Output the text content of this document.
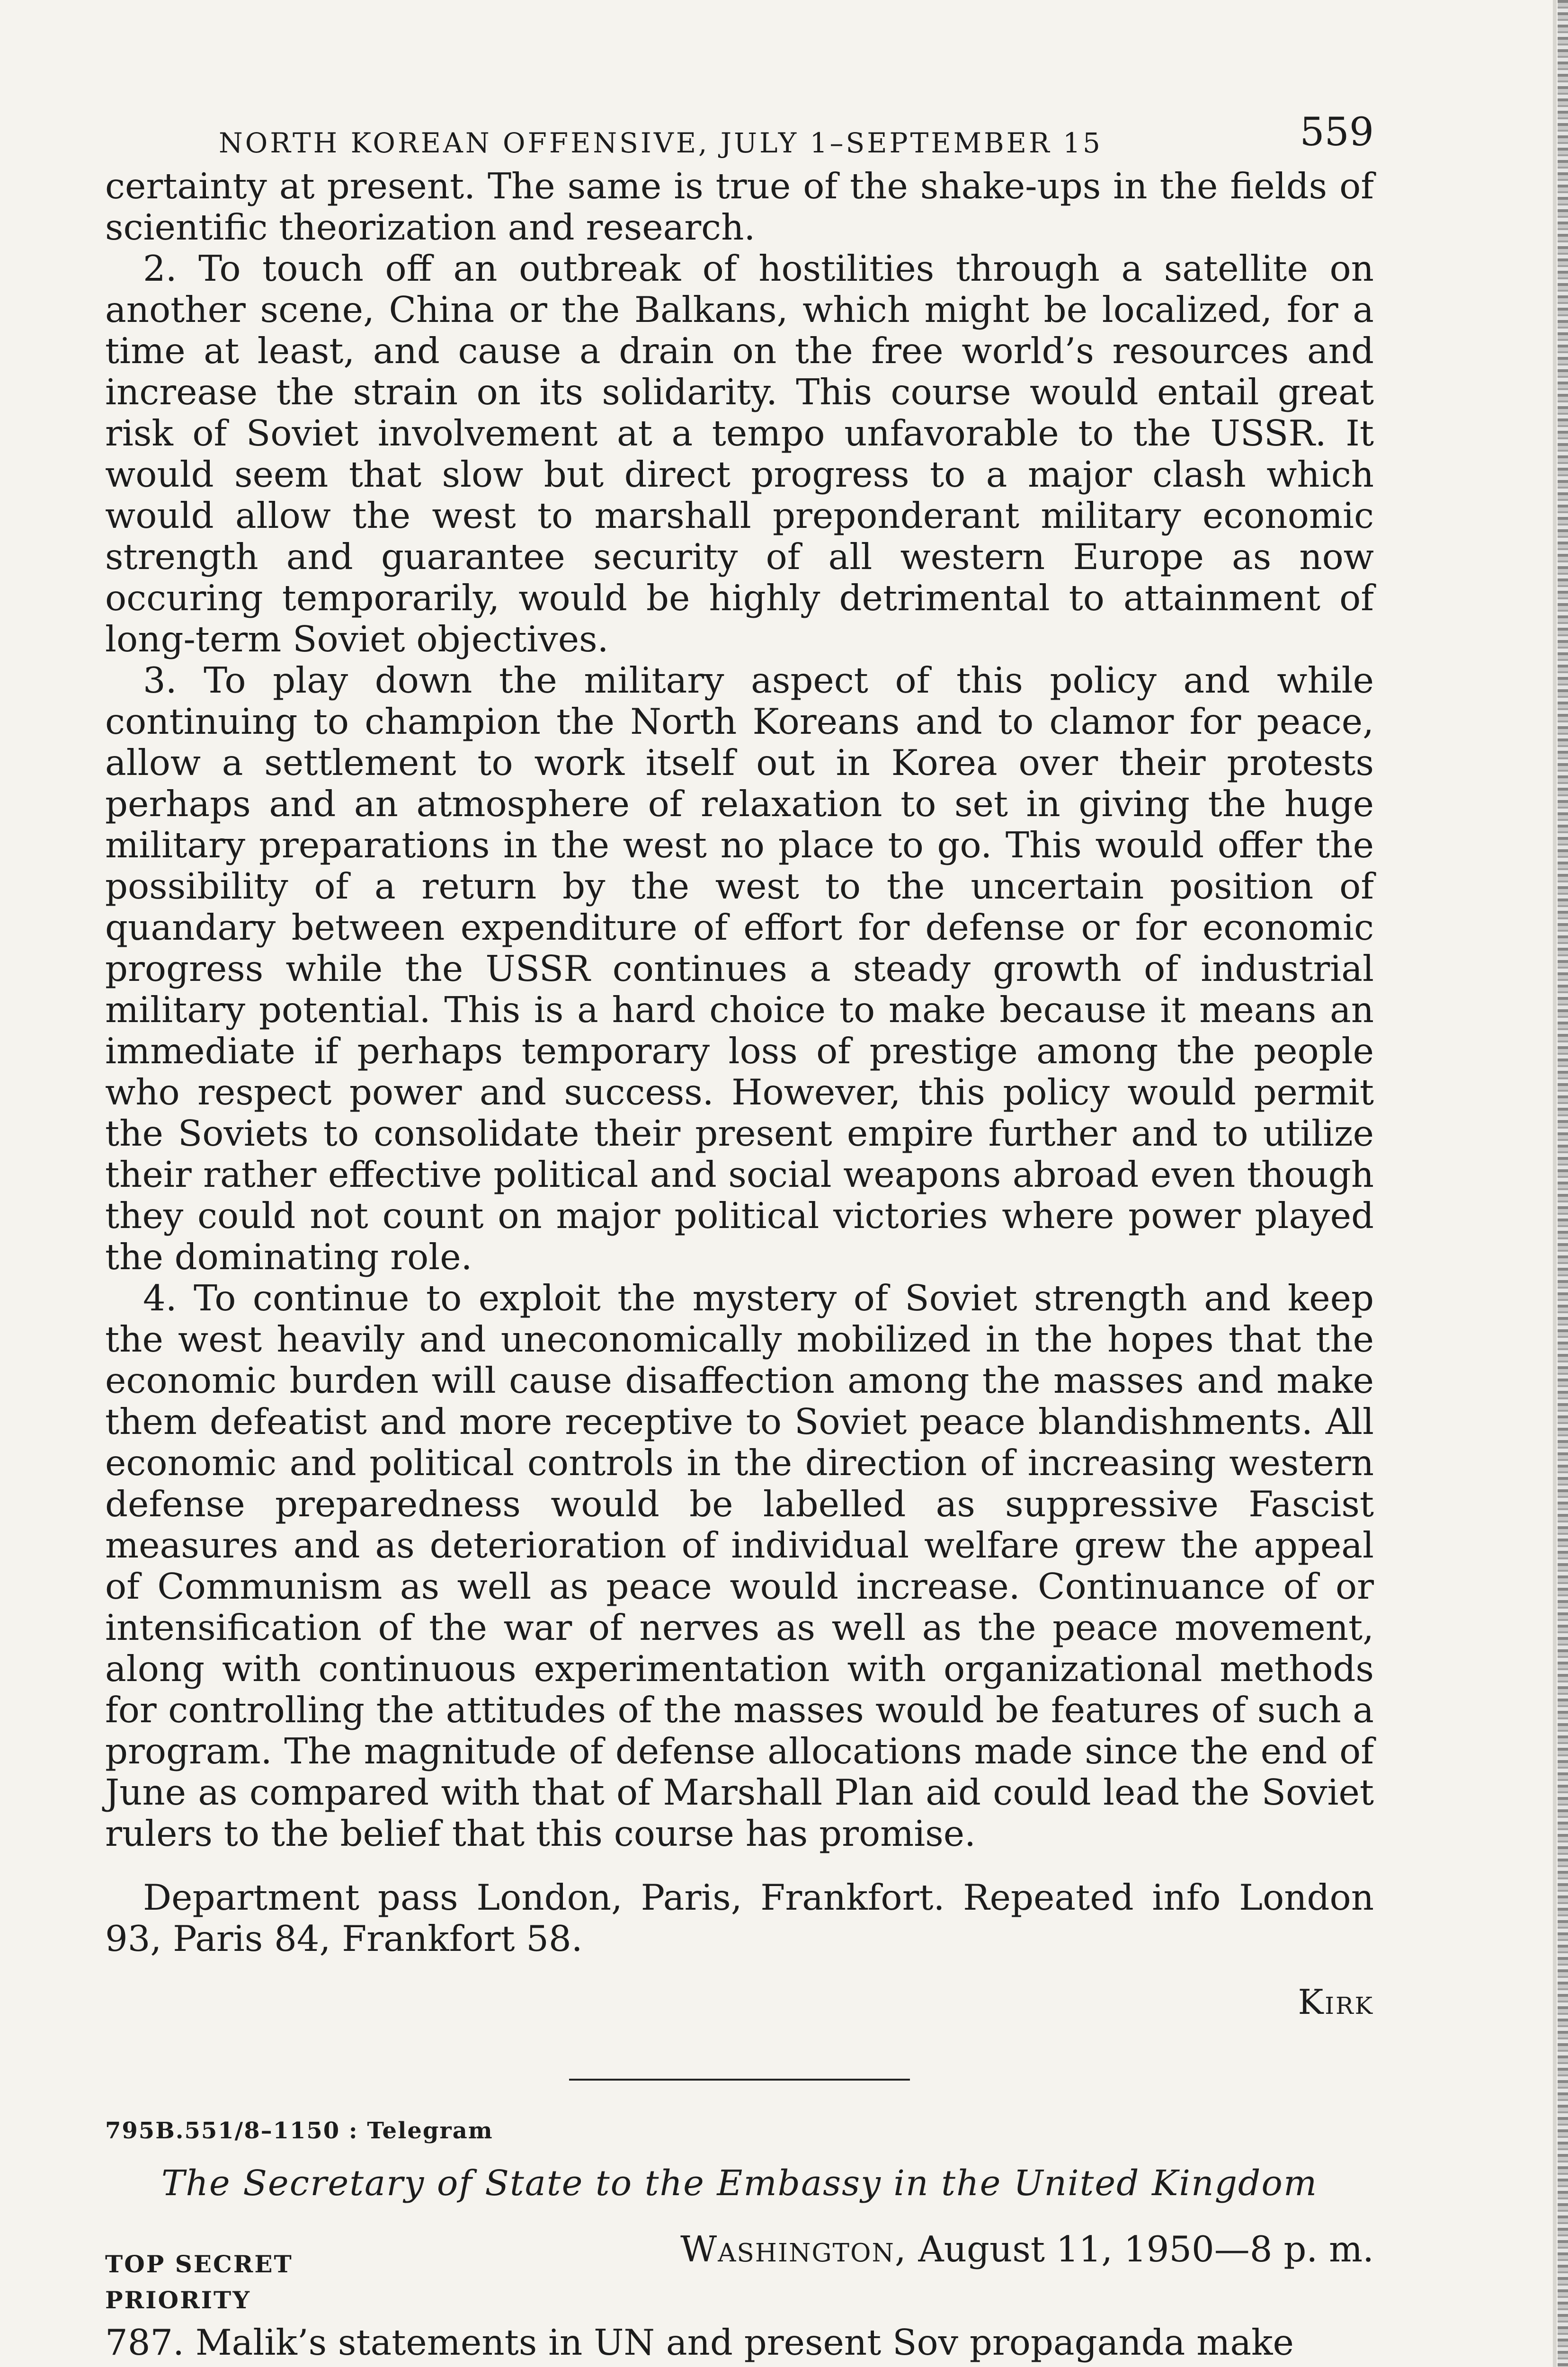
NORTH KOREAN OFFENSIVE, JULY 1–SEPTEMBER 15	559

certainty at present. The same is true of the shake-ups in the fields of scientific theorization and research.

2. To touch off an outbreak of hostilities through a satellite on another scene, China or the Balkans, which might be localized, for a time at least, and cause a drain on the free world’s resources and increase the strain on its solidarity. This course would entail great risk of Soviet involvement at a tempo unfavorable to the USSR. It would seem that slow but direct progress to a major clash which would allow the west to marshall preponderant military economic strength and guarantee security of all western Europe as now occuring temporarily, would be highly detrimental to attainment of long-term Soviet objectives.

3. To play down the military aspect of this policy and while continuing to champion the North Koreans and to clamor for peace, allow a settlement to work itself out in Korea over their protests perhaps and an atmosphere of relaxation to set in giving the huge military preparations in the west no place to go. This would offer the possibility of a return by the west to the uncertain position of quandary between expenditure of effort for defense or for economic progress while the USSR continues a steady growth of industrial military potential. This is a hard choice to make because it means an immediate if perhaps temporary loss of prestige among the people who respect power and success. However, this policy would permit the Soviets to consolidate their present empire further and to utilize their rather effective political and social weapons abroad even though they could not count on major political victories where power played the dominating role.

4. To continue to exploit the mystery of Soviet strength and keep the west heavily and uneconomically mobilized in the hopes that the economic burden will cause disaffection among the masses and make them defeatist and more receptive to Soviet peace blandishments. All economic and political controls in the direction of increasing western defense preparedness would be labelled as suppressive Fascist measures and as deterioration of individual welfare grew the appeal of Communism as well as peace would increase. Continuance of or intensification of the war of nerves as well as the peace movement, along with continuous experimentation with organizational methods for controlling the attitudes of the masses would be features of such a program. The magnitude of defense allocations made since the end of June as compared with that of Marshall Plan aid could lead the Soviet rulers to the belief that this course has promise.

Department pass London, Paris, Frankfort. Repeated info London 93, Paris 84, Frankfort 58.

Kirk
795B.551/8–1150 : Telegram
The Secretary of State to the Embassy in the United Kingdom
TOP SECRET	Washington, August 11, 1950—8 p. m.
PRIORITY

787. Malik’s statements in UN and present Sov propaganda make
